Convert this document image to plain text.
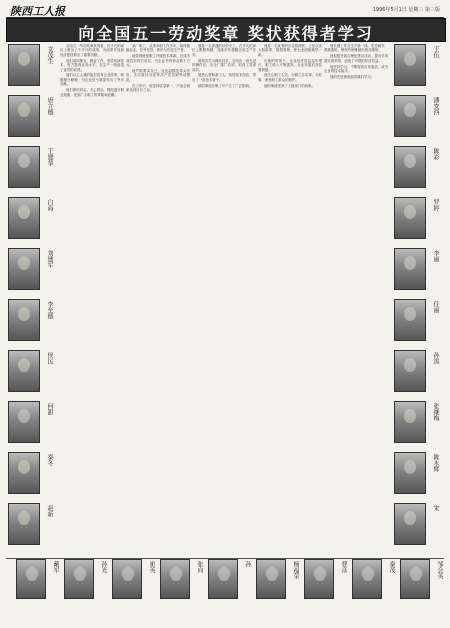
陕西工人报	1996年5月1日 星期三 第三版
向全国五一劳动奖章 奖状获得者学习
文茂生
唐立德
王建华
白海
刘建军
李至德
侯民
何甜
秦冬
赵新
王伍
潘安西
陈彩
罗婷
李丽
任丽
孙黑
张继梅
陈永辉
宋

全国五一劳动奖章获得者，在平凡的岗位上做出了不平凡的成绩，为改革开放和经济建设做出了重要贡献。

他们爱岗敬业，勤奋工作，刻苦钻研技术，努力提高业务水平，在生产一线创造了优异的成绩。

他们以主人翁的姿态投身企业改革，积极献计献策，为企业扭亏增盈作出了突出贡献。

他们团结同志，关心群众，模范遵守职业道德，受到广大职工的尊敬和爱戴。

某厂职工，从事本职工作多年，始终兢兢业业，任劳任怨，被评为先进生产者。

他带领班组职工开展技术革新，完成多项技术攻关项目，为企业节约资金数十万元。

他严格要求自己，处处起模范带头作用，多次被评为优秀共产党员和劳动模范。

在工作中，他坚持质量第一，产品合格率达到百分之百。

她是一名普通的纺织女工，在平凡的岗位上默默奉献，连续多年超额完成生产任务。

她刻苦学习操作技术，总结出一套先进的操作法，在全厂推广应用，取得了显著成效。

她热心帮助新工人，传授技术经验，带出了一批技术骨干。

她的事迹在职工中产生了广泛影响。

他是一名优秀的企业管理者，上任以来大胆改革，狠抓管理，使企业面貌焕然一新。

在他的带领下，企业经济效益连年增长，职工收入不断提高，企业发展后劲显著增强。

他关心职工生活，为职工办实事、办好事，深受职工群众的拥护。

他的事迹受到了上级部门的表彰。

他长期工作在生产第一线，吃苦耐劳，勇挑重担，哪里有困难就出现在哪里。

他积极开展合理化建议活动，提出多项建议被采纳，创造了可观的经济效益。

他坚持学习，不断提高自身素质，成为企业的技术能手。

他的先进事迹值得我们学习。

戴军	孙光	崔英	张向	孙	杨福荣	曹彦	秦茂	邹会英
